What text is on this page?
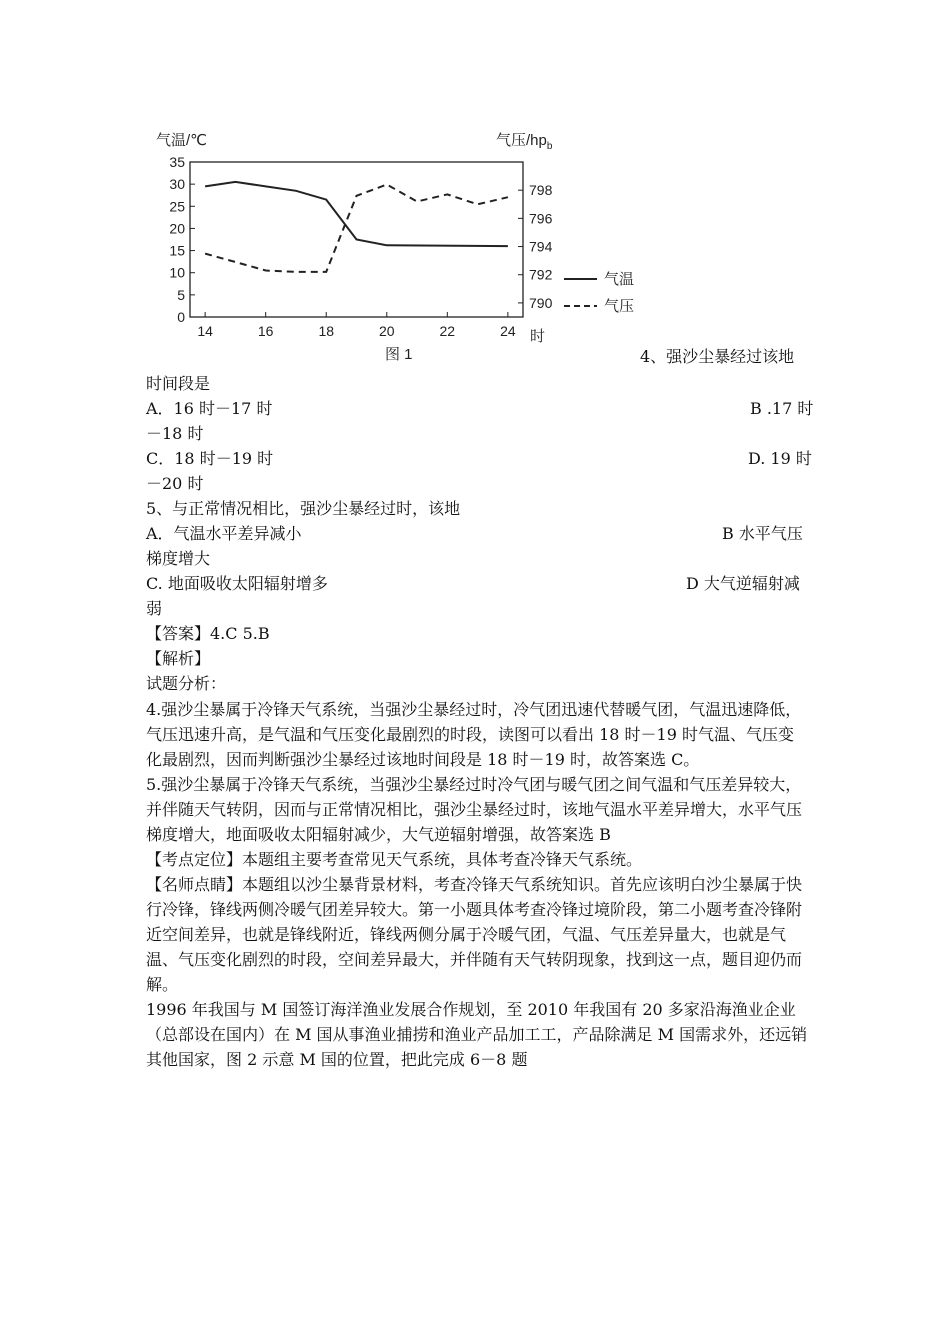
气温/℃	气压$/hp_b$
0
5
10
15
20
25
30
35
790
792
794
796
798
14	16	18	20	22	24 时
图 1
气温
气压
4、强沙尘暴经过该地
时间段是
A．16 时－17 时	B .17 时
－18 时
C．18 时－19 时	D. 19 时
－20 时
5、与正常情况相比，强沙尘暴经过时，该地
A．气温水平差异减小	B 水平气压
梯度增大
C. 地面吸收太阳辐射增多	D 大气逆辐射减
弱
【答案】4.C 5.B
【解析】
试题分析：
4.强沙尘暴属于冷锋天气系统，当强沙尘暴经过时，冷气团迅速代替暖气团，气温迅速降低，气压迅速升高，是气温和气压变化最剧烈的时段，读图可以看出 18 时－19 时气温、气压变化最剧烈，因而判断强沙尘暴经过该地时间段是 18 时－19 时，故答案选 C。
5.强沙尘暴属于冷锋天气系统，当强沙尘暴经过时冷气团与暖气团之间气温和气压差异较大，并伴随天气转阴，因而与正常情况相比，强沙尘暴经过时，该地气温水平差异增大，水平气压梯度增大，地面吸收太阳辐射减少，大气逆辐射增强，故答案选 B
【考点定位】本题组主要考查常见天气系统，具体考查冷锋天气系统。
【名师点睛】本题组以沙尘暴背景材料，考查冷锋天气系统知识。首先应该明白沙尘暴属于快行冷锋，锋线两侧冷暖气团差异较大。第一小题具体考查冷锋过境阶段，第二小题考查冷锋附近空间差异，也就是锋线附近，锋线两侧分属于冷暖气团，气温、气压差异量大，也就是气温、气压变化剧烈的时段，空间差异最大，并伴随有天气转阴现象，找到这一点，题目迎仍而解。
1996 年我国与 M 国签订海洋渔业发展合作规划，至 2010 年我国有 20 多家沿海渔业企业（总部设在国内）在 M 国从事渔业捕捞和渔业产品加工工，产品除满足 M 国需求外，还远销其他国家，图 2 示意 M 国的位置，把此完成 6－8 题
